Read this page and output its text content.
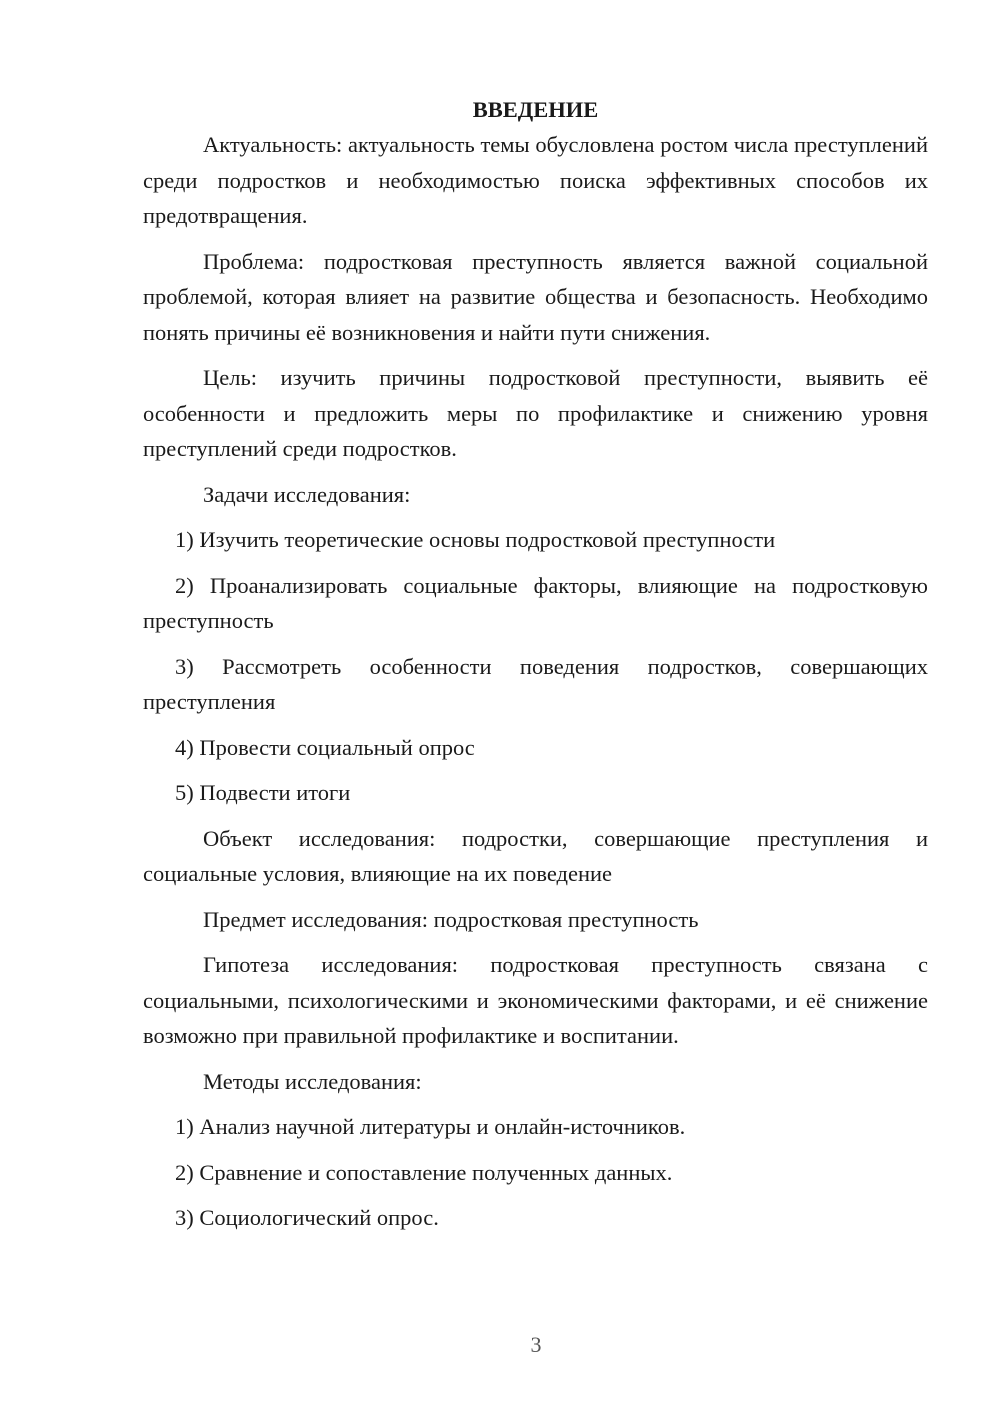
ВВЕДЕНИЕ

Актуальность: актуальность темы обусловлена ростом числа преступлений среди подростков и необходимостью поиска эффективных способов их предотвращения.

Проблема: подростковая преступность является важной социальной проблемой, которая влияет на развитие общества и безопасность. Необходимо понять причины её возникновения и найти пути снижения.

Цель: изучить причины подростковой преступности, выявить её особенности и предложить меры по профилактике и снижению уровня преступлений среди подростков.

Задачи исследования:

1) Изучить теоретические основы подростковой преступности

2) Проанализировать социальные факторы, влияющие на подростковую преступность

3) Рассмотреть особенности поведения подростков, совершающих преступления

4) Провести социальный опрос

5) Подвести итоги

Объект исследования: подростки, совершающие преступления и социальные условия, влияющие на их поведение

Предмет исследования: подростковая преступность

Гипотеза исследования: подростковая преступность связана с социальными, психологическими и экономическими факторами, и её снижение возможно при правильной профилактике и воспитании.

Методы исследования:

1) Анализ научной литературы и онлайн-источников.

2) Сравнение и сопоставление полученных данных.

3) Социологический опрос.

3
